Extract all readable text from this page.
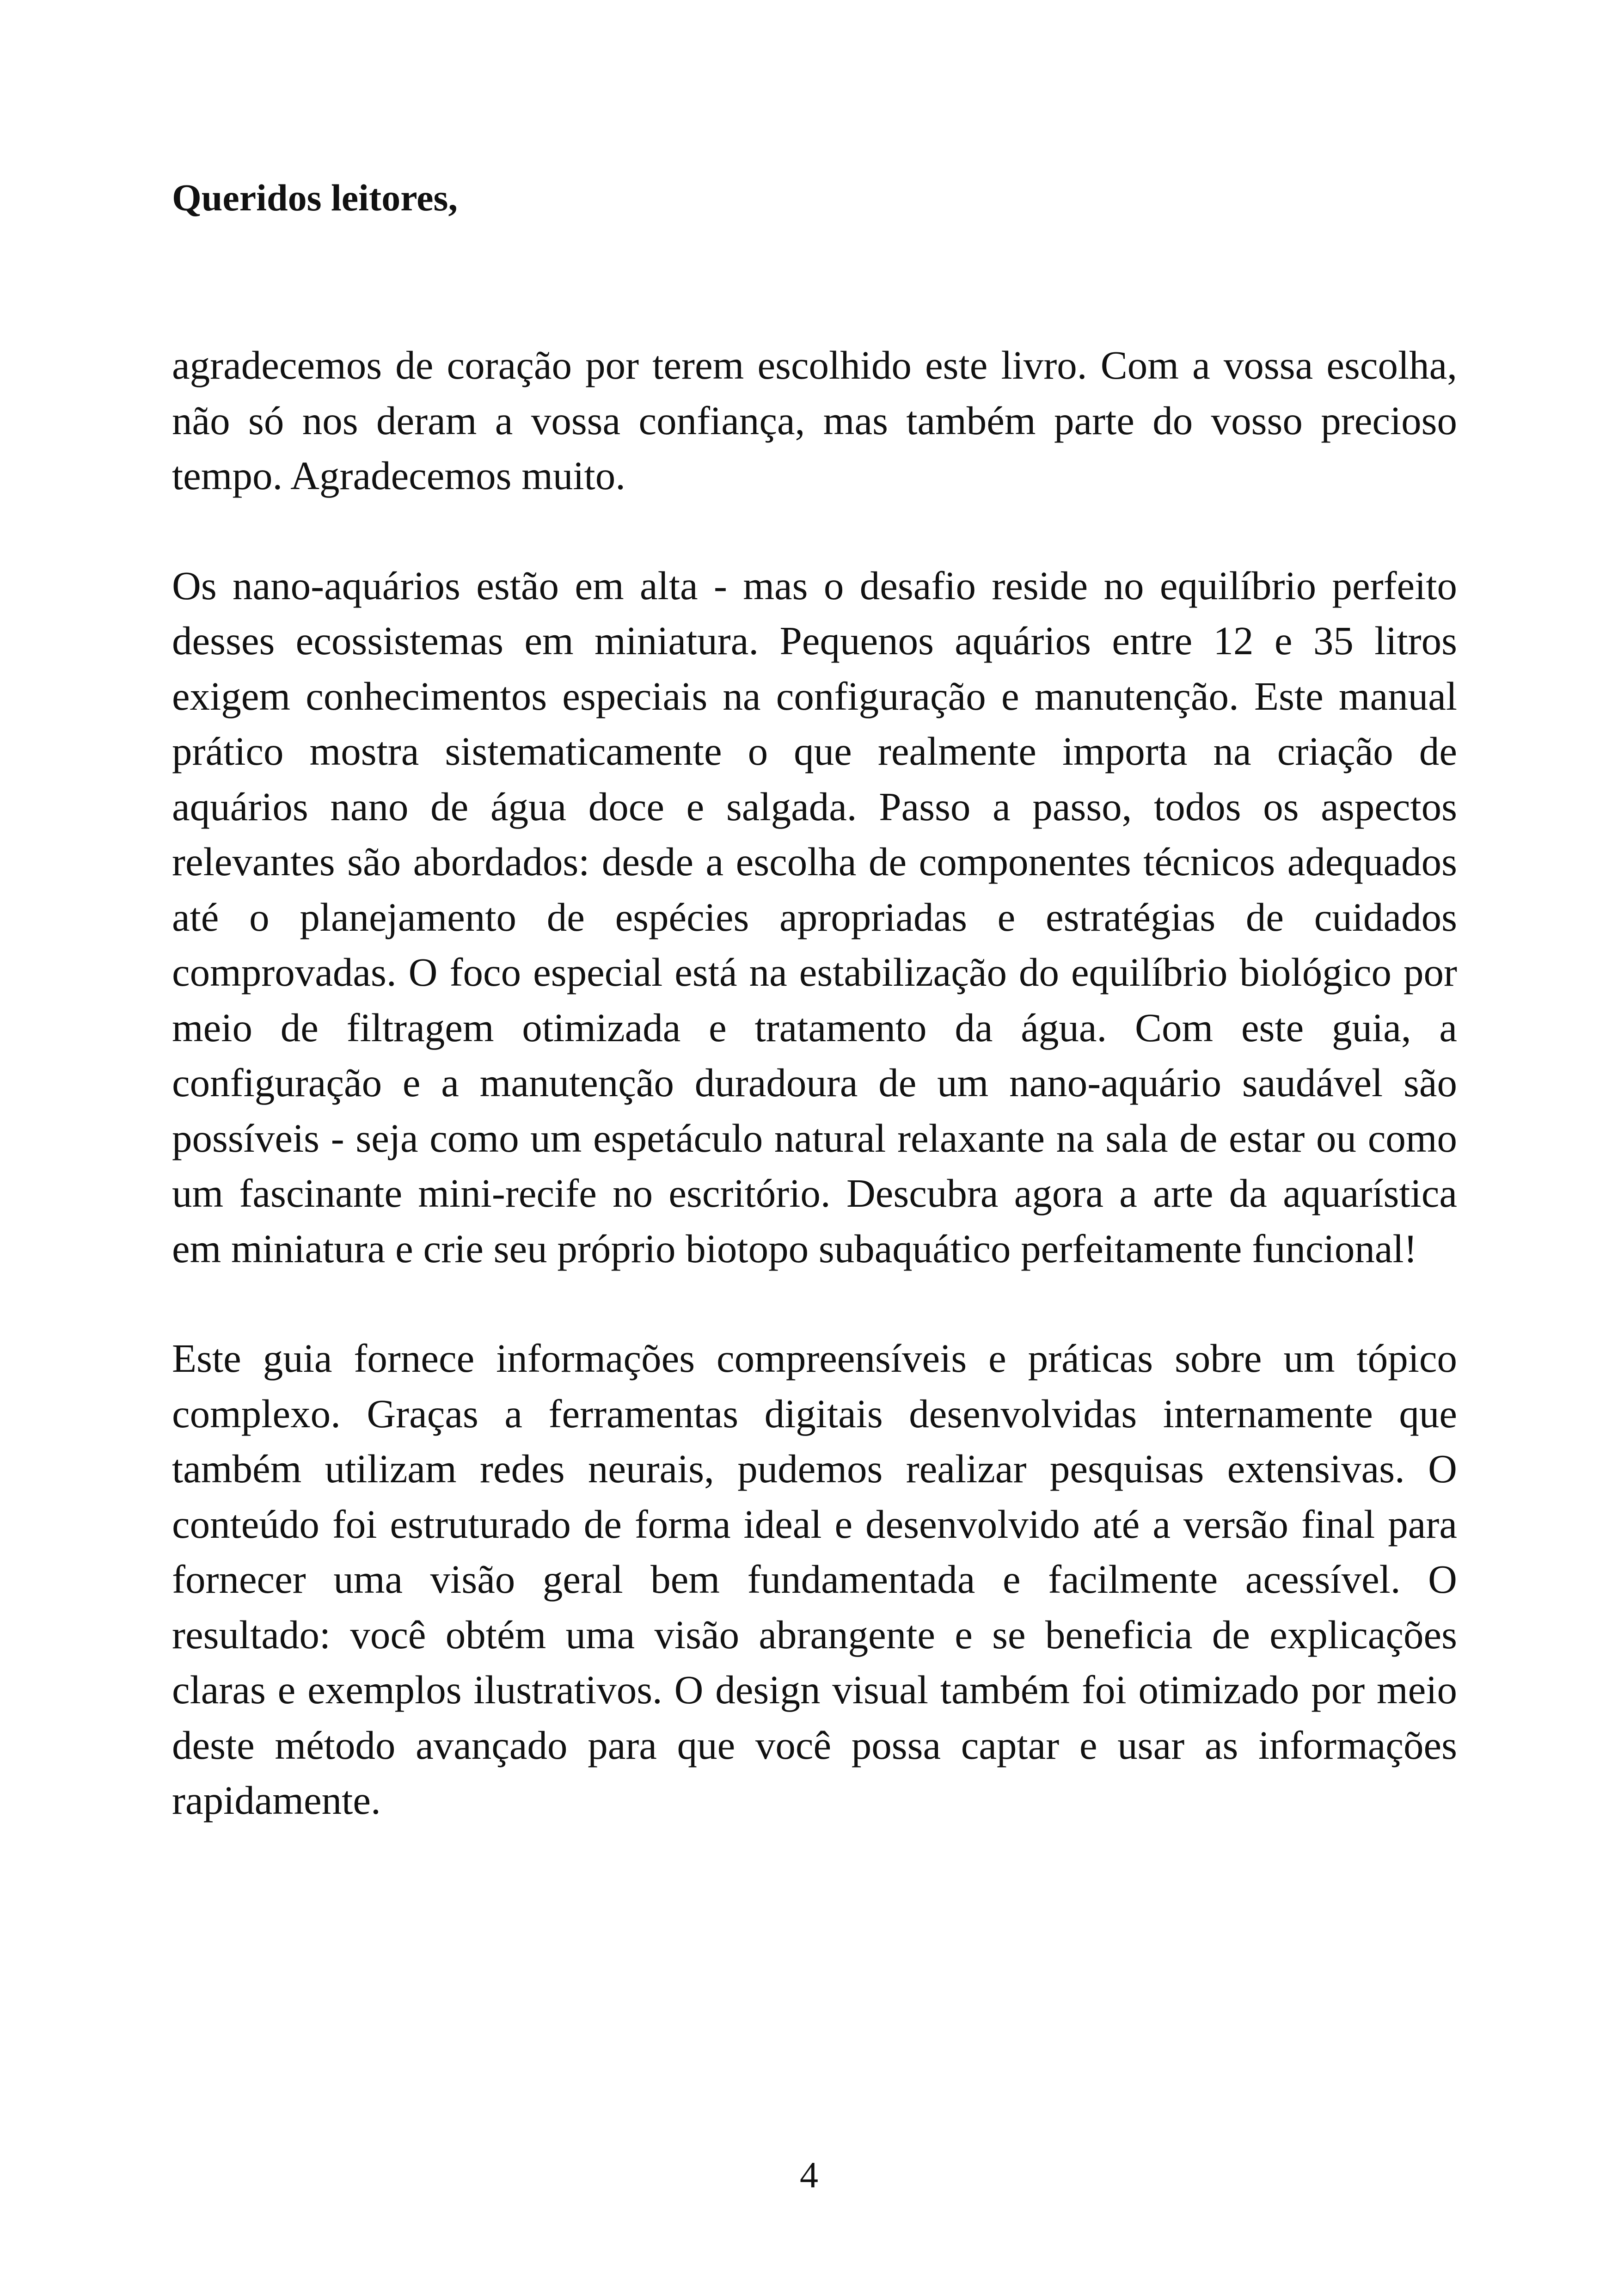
Queridos leitores,

agradecemos de coração por terem escolhido este livro. Com a vossa escolha, não só nos deram a vossa confiança, mas também parte do vosso precioso tempo. Agradecemos muito.

Os nano-aquários estão em alta - mas o desafio reside no equilíbrio perfeito desses ecossistemas em miniatura. Pequenos aquários entre 12 e 35 litros exigem conhecimentos especiais na configuração e manutenção. Este manual prático mostra sistematicamente o que realmente importa na criação de aquários nano de água doce e salgada. Passo a passo, todos os aspectos relevantes são abordados: desde a escolha de componentes técnicos adequados até o planejamento de espécies apropriadas e estratégias de cuidados comprovadas. O foco especial está na estabilização do equilíbrio biológico por meio de filtragem otimizada e tratamento da água. Com este guia, a configuração e a manutenção duradoura de um nano-aquário saudável são possíveis - seja como um espetáculo natural relaxante na sala de estar ou como um fascinante mini-recife no escritório. Descubra agora a arte da aquarística em miniatura e crie seu próprio biotopo subaquático perfeitamente funcional!

Este guia fornece informações compreensíveis e práticas sobre um tópico complexo. Graças a ferramentas digitais desenvolvidas internamente que também utilizam redes neurais, pudemos realizar pesquisas extensivas. O conteúdo foi estruturado de forma ideal e desenvolvido até a versão final para fornecer uma visão geral bem fundamentada e facilmente acessível. O resultado: você obtém uma visão abrangente e se beneficia de explicações claras e exemplos ilustrativos. O design visual também foi otimizado por meio deste método avançado para que você possa captar e usar as informações rapidamente.

4
